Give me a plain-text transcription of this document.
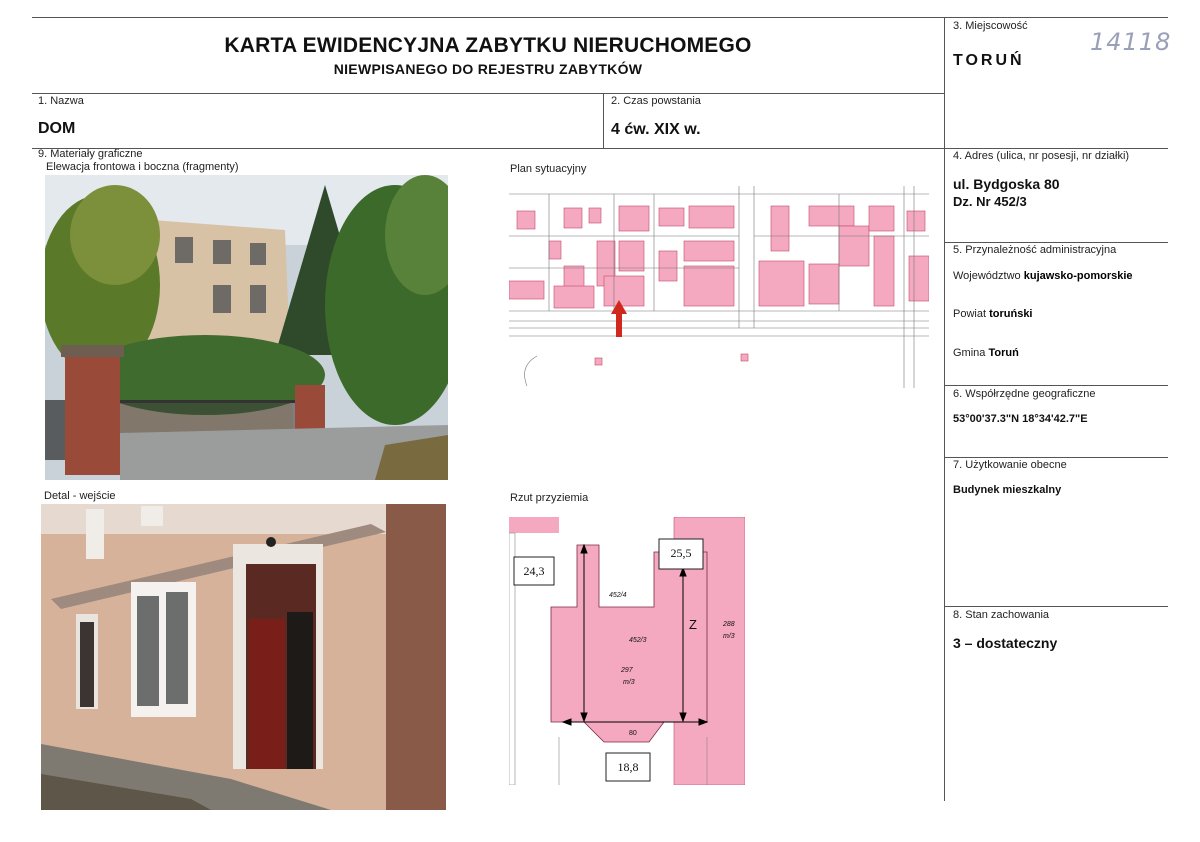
KARTA EWIDENCYJNA ZABYTKU NIERUCHOMEGO
NIEWPISANEGO DO REJESTRU ZABYTKÓW
3. Miejscowość
TORUŃ
14118
1. Nazwa
DOM
2. Czas powstania
4 ćw. XIX w.
4. Adres (ulica, nr posesji, nr działki)
ul. Bydgoska 80
Dz. Nr 452/3
5. Przynależność administracyjna
Województwo kujawsko-pomorskie
Powiat toruński
Gmina Toruń
6. Współrzędne geograficzne
53°00'37.3"N 18°34'42.7"E
7. Użytkowanie obecne
Budynek mieszkalny
8. Stan zachowania
3 – dostateczny
9. Materiały graficzne
Elewacja frontowa i boczna (fragmenty)	Plan sytuacyjny
Detal - wejście	Rzut przyziemia
24,3
25,5
18,8
452/4
452/3
297
m/3
288
m/3
80
Z
